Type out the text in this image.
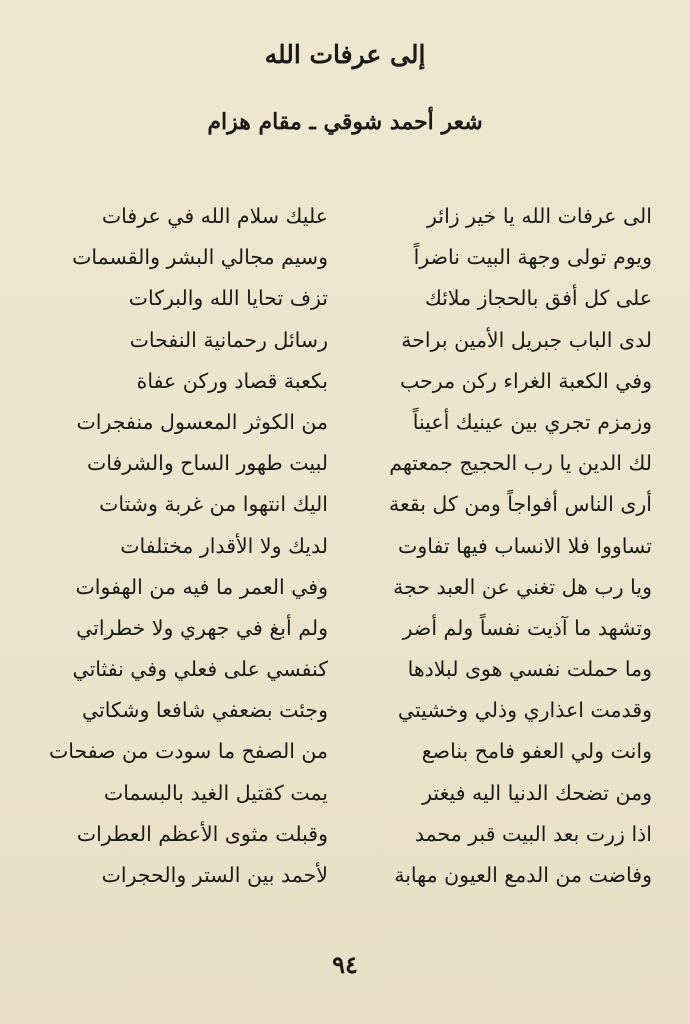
إلى عرفات الله
شعر أحمد شوقي ـ مقام هزام
الى عرفات الله يا خير زائر
ويوم تولى وجهة البيت ناضراً
على كل أفق بالحجاز ملائك
لدى الباب جبريل الأمين براحة
وفي الكعبة الغراء ركن مرحب
وزمزم تجري بين عينيك أعيناً
لك الدين يا رب الحجيج جمعتهم
أرى الناس أفواجاً ومن كل بقعة
تساووا فلا الانساب فيها تفاوت
ويا رب هل تغني عن العبد حجة
وتشهد ما آذيت نفساً ولم أضر
وما حملت نفسي هوى لبلادها
وقدمت اعذاري وذلي وخشيتي
وانت ولي العفو فامح بناصع
ومن تضحك الدنيا اليه فيغتر
اذا زرت بعد البيت قبر محمد
وفاضت من الدمع العيون مهابة
عليك سلام الله في عرفات
وسيم مجالي البشر والقسمات
تزف تحايا الله والبركات
رسائل رحمانية النفحات
بكعبة قصاد وركن عفاة
من الكوثر المعسول منفجرات
لبيت طهور الساح والشرفات
اليك انتهوا من غربة وشتات
لديك ولا الأقدار مختلفات
وفي العمر ما فيه من الهفوات
ولم أبغ في جهري ولا خطراتي
كنفسي على فعلي وفي نفثاتي
وجئت بضعفي شافعا وشكاتي
من الصفح ما سودت من صفحات
يمت كقتيل الغيد بالبسمات
وقبلت مثوى الأعظم العطرات
لأحمد بين الستر والحجرات
٩٤
